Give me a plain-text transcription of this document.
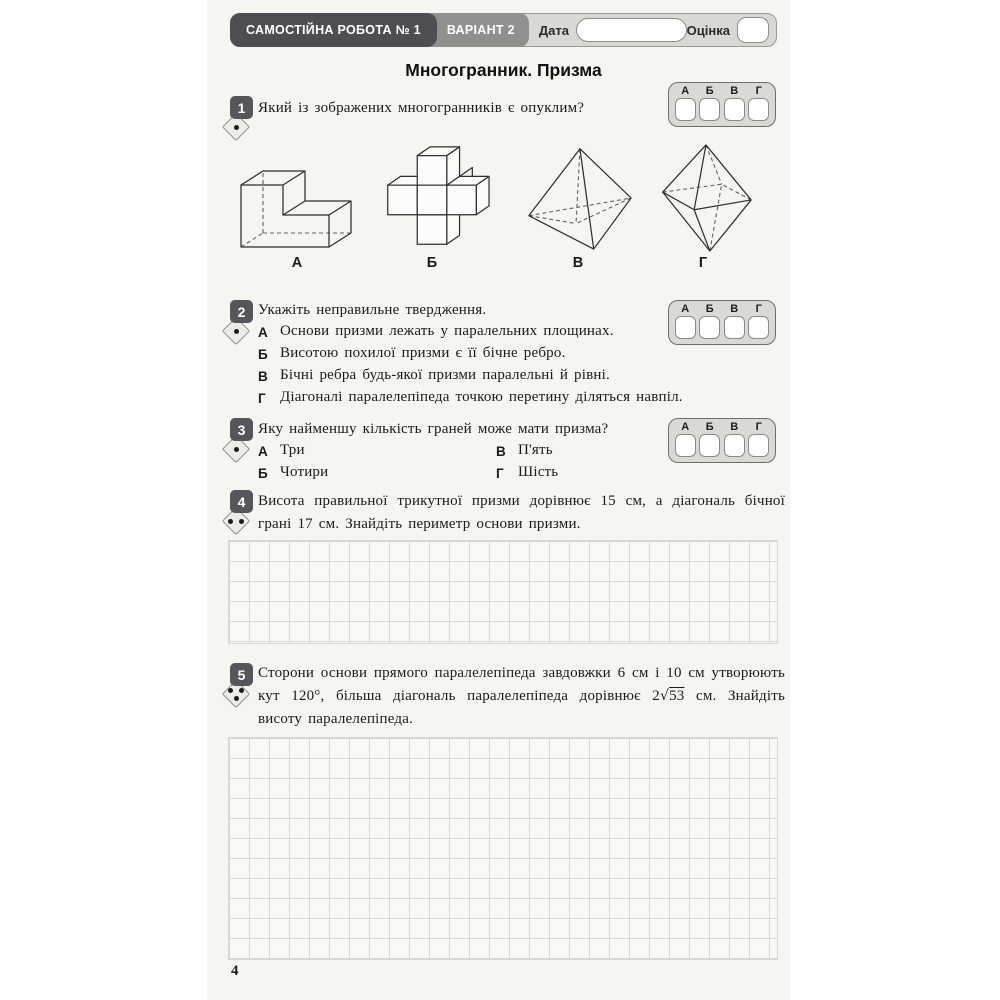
САМОСТІЙНА РОБОТА № 1 ВАРІАНТ 2 Дата	Оцінка
Многогранник. Призма
1 Який із зображених многогранників є опуклим?
А	Б	В	Г
А	Б	В	Г
2 Укажіть неправильне твердження.
А Основи призми лежать у паралельних площинах.
Б Висотою похилої призми є її бічне ребро.
В Бічні ребра будь-якої призми паралельні й рівні.
Г Діагоналі паралелепіпеда точкою перетину діляться навпіл.
А	Б	В	Г
3 Яку найменшу кількість граней може мати призма?
А Три	В П'ять
Б Чотири	Г Шість
А	Б	В	Г
4 Висота правильної трикутної призми дорівнює 15 см, а діагональ бічної грані 17 см. Знайдіть периметр основи призми.
5 Сторони основи прямого паралелепіпеда завдовжки 6 см і 10 см утворюють кут 120°, більша діагональ паралелепіпеда дорівнює 2√53 см. Знайдіть висоту паралелепіпеда.
4
